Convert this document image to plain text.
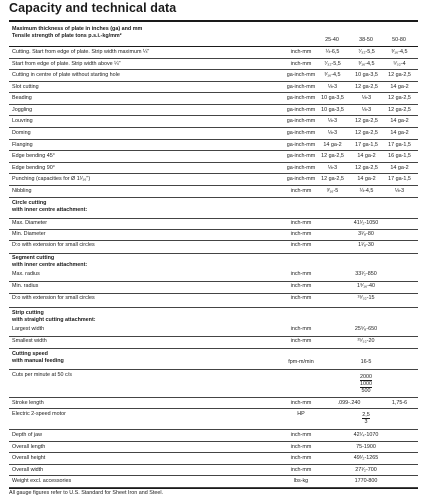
Capacity and technical data
Maximum thickness of plate in inches (ga) and mm
Tensile strength of plate tons p.s.i.-kg/mm²
25-40	38-50	50-80
Cutting. Start from edge of plate. Strip width maximum ¼"	inch-mm	¼-6,5	⁷⁄₃₂-5,5	³⁄₁₆-4,5
Start from edge of plate. Strip width above ¼"	inch-mm	⁷⁄₃₂-5,5	³⁄₁₆-4,5	⁵⁄₃₂-4
Cutting in centre of plate without starting hole	ga-inch-mm	³⁄₁₆-4,5	10 ga-3,5	12 ga-2,5
Slot cutting	ga-inch-mm	⅛-3	12 ga-2,5	14 ga-2
Beading	ga-inch-mm	10 ga-3,5	⅛-3	12 ga-2,5
Joggling	ga-inch-mm	10 ga-3,5	⅛-3	12 ga-2,5
Louvring	ga-inch-mm	⅛-3	12 ga-2,5	14 ga-2
Doming	ga-inch-mm	⅛-3	12 ga-2,5	14 ga-2
Flanging	ga-inch-mm	14 ga-2	17 ga-1,5	17 ga-1,5
Edge bending 45°	ga-inch-mm	12 ga-2,5	14 ga-2	16 ga-1,5
Edge bending 90°	ga-inch-mm	⅛-3	12 ga-2,5	14 ga-2
Punching (capacities for Ø 1¹⁄₁₆")	ga-inch-mm	12 ga-2,5	14 ga-2	17 ga-1,5
Nibbling	inch-mm	³⁄₁₆-5	¼-4,5	⅛-3
Circle cutting
with inner centre attachment:
Max. Diameter	inch-mm	41¹⁄₂-1050
Min. Diameter	inch-mm	3¹⁄₈-80
D:o with extension for small circles	inch-mm	1¹⁄₈-30
Segment cutting
with inner centre attachment:
Max. radius	inch-mm	33¹⁄₂-850
Min. radius	inch-mm	1⁹⁄₁₆-40
D:o with extension for small circles	inch-mm	¹⁹⁄₃₂-15
Strip cutting
with straight cutting attachment:
Largest width	inch-mm	25⁵⁄₈-650
Smallest width	inch-mm	²⁵⁄₃₂-20
Cutting speed
with manual feeding	fpm-m/min	16-5
Cuts per minute at 50 c/s	2000
1000
500
Stroke length	inch-mm	.099-.240	1,75-6
Electric 2-speed motor	HP	$\frac{2,5}{3}$
Depth of jaw	inch-mm	42¹⁄₄-1070
Overall length	inch-mm	75-1900
Overall height	inch-mm	49¹⁄₂-1265
Overall width	inch-mm	27¹⁄₂-700
Weight excl. accessories	lbs-kg	1770-800

All gauge figures refer to U.S. Standard for Sheet Iron and Steel.
